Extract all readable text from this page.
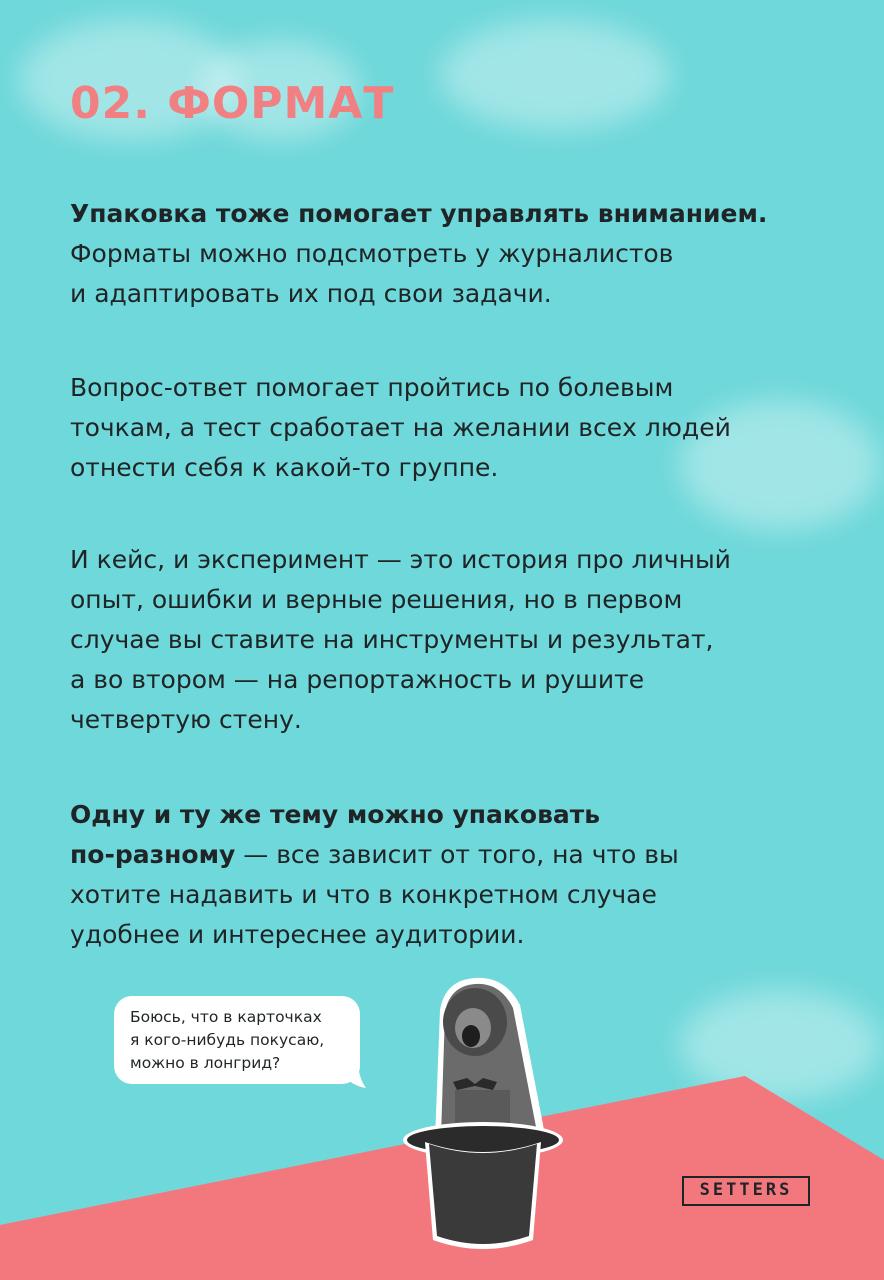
02. ФОРМАТ

Упаковка тоже помогает управлять вниманием.
Форматы можно подсмотреть у журналистов
и адаптировать их под свои задачи.

Вопрос-ответ помогает пройтись по болевым
точкам, а тест сработает на желании всех людей
отнести себя к какой-то группе.

И кейс, и эксперимент — это история про личный
опыт, ошибки и верные решения, но в первом
случае вы ставите на инструменты и результат,
а во втором — на репортажность и рушите
четвертую стену.

Одну и ту же тему можно упаковать
по-разному — все зависит от того, на что вы
хотите надавить и что в конкретном случае
удобнее и интереснее аудитории.

Боюсь, что в карточках
я кого-нибудь покусаю,
можно в лонгрид?
SETTERS
